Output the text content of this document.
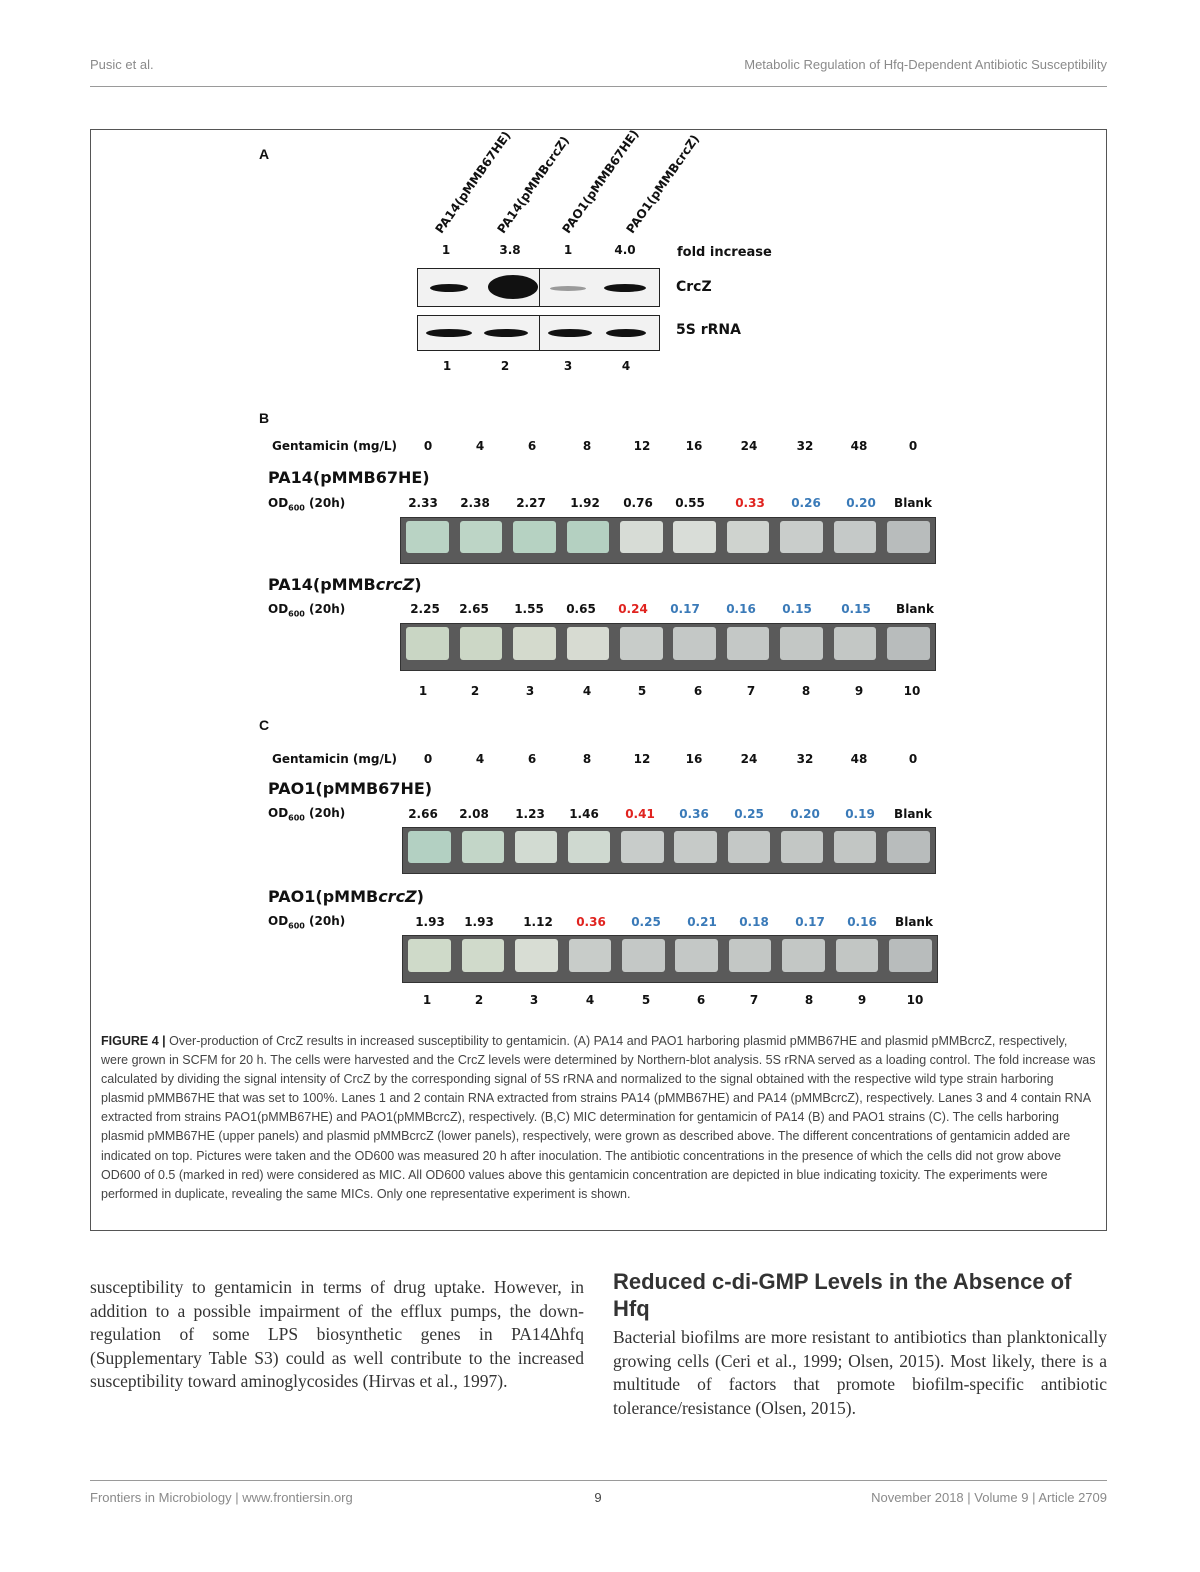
Pusic et al.	Metabolic Regulation of Hfq-Dependent Antibiotic Susceptibility
A	PA14(pMMB67HE)
PA14(pMMBcrcZ)
PAO1(pMMB67HE)
PAO1(pMMBcrcZ)
1	3.8	1	4.0	fold increase
CrcZ
5S rRNA
1	2	3	4
B
Gentamicin (mg/L) 0	4	6	8	12	16	24	32	48	0
PA14(pMMB67HE)
$OD_{600}$ (20h)	2.33 2.38 2.27 1.92 0.76 0.55	0.33 0.26 0.20 Blank
PA14(pMMBcrcZ)
$OD_{600}$ (20h)	2.25 2.65 1.55 0.65 0.24 0.17 0.16 0.15 0.15 Blank
1	2	3	4	5	6	7	8	9	10
C
Gentamicin (mg/L) 0	4	6	8	12	16	24	32	48	0
PAO1(pMMB67HE)
$OD_{600}$ (20h)	2.66 2.08 1.23 1.46 0.41 0.36 0.25 0.20 0.19 Blank
PAO1(pMMBcrcZ)
$OD_{600}$ (20h)	1.93 1.93 1.12 0.36 0.25 0.21 0.18 0.17 0.16 Blank
1	2	3	4	5	6	7	8	9	10
FIGURE 4 | Over-production of CrcZ results in increased susceptibility to gentamicin. (A) PA14 and PAO1 harboring plasmid pMMB67HE and plasmid pMMBcrcZ, respectively, were grown in SCFM for 20 h. The cells were harvested and the CrcZ levels were determined by Northern-blot analysis. 5S rRNA served as a loading control. The fold increase was calculated by dividing the signal intensity of CrcZ by the corresponding signal of 5S rRNA and normalized to the signal obtained with the respective wild type strain harboring plasmid pMMB67HE that was set to 100%. Lanes 1 and 2 contain RNA extracted from strains PA14 (pMMB67HE) and PA14 (pMMBcrcZ), respectively. Lanes 3 and 4 contain RNA extracted from strains PAO1(pMMB67HE) and PAO1(pMMBcrcZ), respectively. (B,C) MIC determination for gentamicin of PA14 (B) and PAO1 strains (C). The cells harboring plasmid pMMB67HE (upper panels) and plasmid pMMBcrcZ (lower panels), respectively, were grown as described above. The different concentrations of gentamicin added are indicated on top. Pictures were taken and the OD600 was measured 20 h after inoculation. The antibiotic concentrations in the presence of which the cells did not grow above OD600 of 0.5 (marked in red) were considered as MIC. All OD600 values above this gentamicin concentration are depicted in blue indicating toxicity. The experiments were performed in duplicate, revealing the same MICs. Only one representative experiment is shown.
susceptibility to gentamicin in terms of drug uptake. However, in addition to a possible impairment of the efflux pumps, the down-regulation of some LPS biosynthetic genes in PA14Δhfq (Supplementary Table S3) could as well contribute to the increased susceptibility toward aminoglycosides (Hirvas et al., 1997).
Reduced c-di-GMP Levels in the Absence of Hfq
Bacterial biofilms are more resistant to antibiotics than planktonically growing cells (Ceri et al., 1999; Olsen, 2015). Most likely, there is a multitude of factors that promote biofilm-specific antibiotic tolerance/resistance (Olsen, 2015).
Frontiers in Microbiology | www.frontiersin.org	9	November 2018 | Volume 9 | Article 2709
